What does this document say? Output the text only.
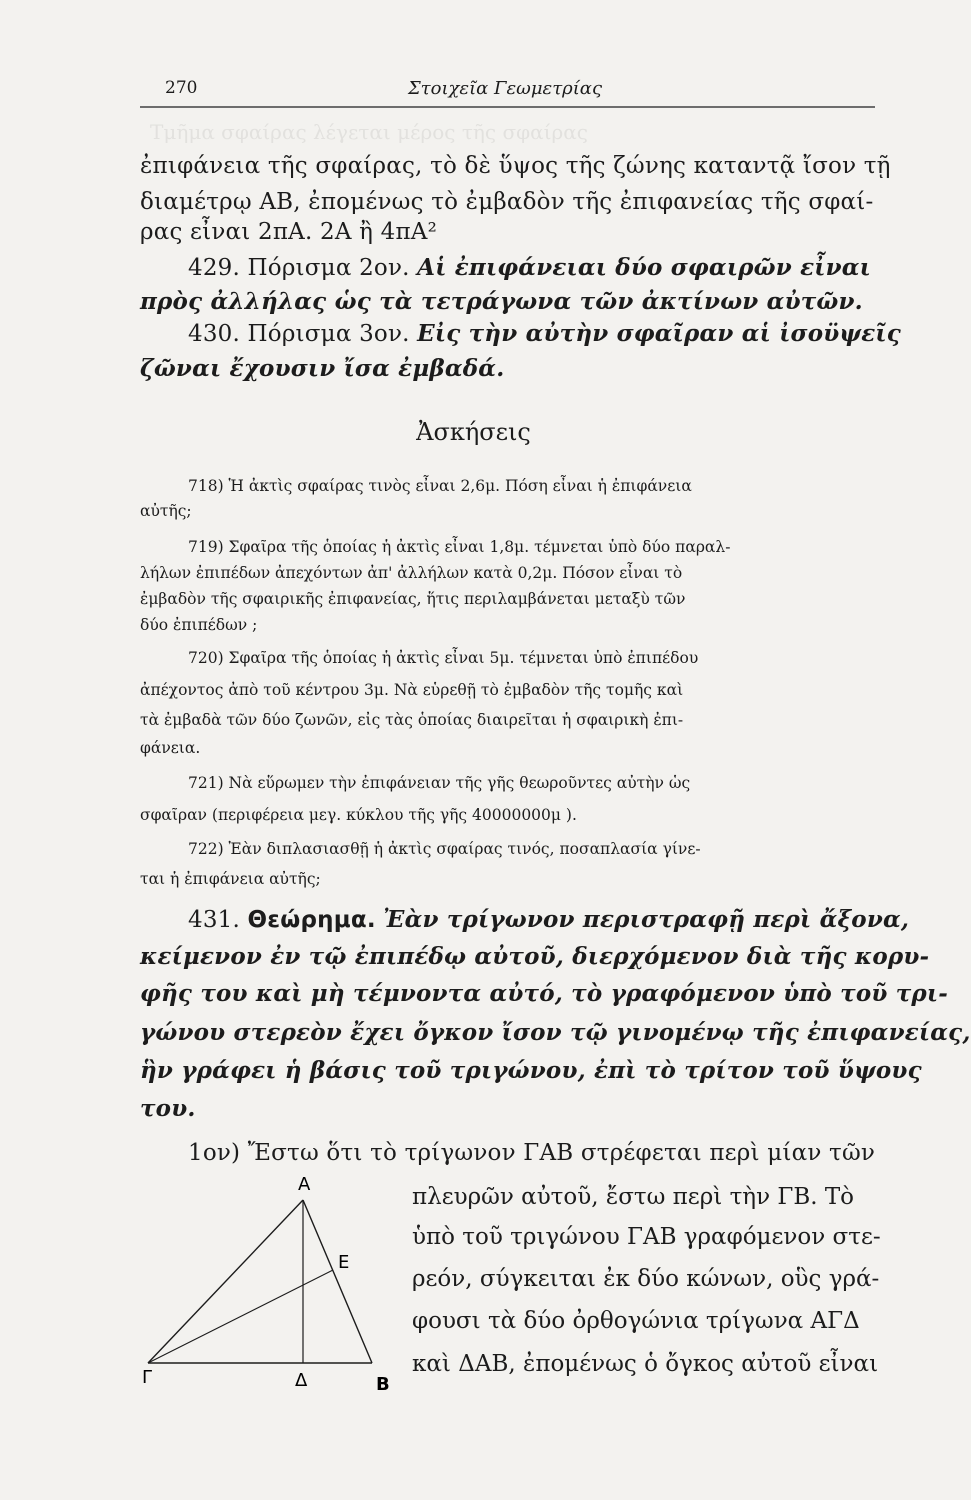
Τμῆμα σφαίρας λέγεται μέρος τῆς σφαίρας
270	Στοιχεῖα Γεωμετρίας
ἐπιφάνεια τῆς σφαίρας, τὸ δὲ ὕψος τῆς ζώνης καταντᾷ ἴσον τῇ
διαμέτρῳ ΑΒ, ἐπομένως τὸ ἐμβαδὸν τῆς ἐπιφανείας τῆς σφαί-
ρας εἶναι 2πΑ. 2Α ἢ 4πΑ²
429. Πόρισμα 2ον. Αἱ ἐπιφάνειαι δύο σφαιρῶν εἶναι
πρὸς ἀλλήλας ὡς τὰ τετράγωνα τῶν ἀκτίνων αὐτῶν.
430. Πόρισμα 3ον. Εἰς τὴν αὐτὴν σφαῖραν αἱ ἰσοϋψεῖς
ζῶναι ἔχουσιν ἴσα ἐμβαδά.
Ἀσκήσεις
718) Ἡ ἀκτὶς σφαίρας τινὸς εἶναι 2,6μ. Πόση εἶναι ἡ ἐπιφάνεια
αὐτῆς;
719) Σφαῖρα τῆς ὁποίας ἡ ἀκτὶς εἶναι 1,8μ. τέμνεται ὑπὸ δύο παραλ-
λήλων ἐπιπέδων ἀπεχόντων ἀπ' ἀλλήλων κατὰ 0,2μ. Πόσον εἶναι τὸ
ἐμβαδὸν τῆς σφαιρικῆς ἐπιφανείας, ἥτις περιλαμβάνεται μεταξὺ τῶν
δύο ἐπιπέδων ;
720) Σφαῖρα τῆς ὁποίας ἡ ἀκτὶς εἶναι 5μ. τέμνεται ὑπὸ ἐπιπέδου
ἀπέχοντος ἀπὸ τοῦ κέντρου 3μ. Νὰ εὑρεθῇ τὸ ἐμβαδὸν τῆς τομῆς καὶ
τὰ ἐμβαδὰ τῶν δύο ζωνῶν, εἰς τὰς ὁποίας διαιρεῖται ἡ σφαιρικὴ ἐπι-
φάνεια.
721) Νὰ εὕρωμεν τὴν ἐπιφάνειαν τῆς γῆς θεωροῦντες αὐτὴν ὡς
σφαῖραν (περιφέρεια μεγ. κύκλου τῆς γῆς 40000000μ ).
722) Ἐὰν διπλασιασθῇ ἡ ἀκτὶς σφαίρας τινός, ποσαπλασία γίνε-
ται ἡ ἐπιφάνεια αὐτῆς;
431. Θεώρημα. Ἐὰν τρίγωνον περιστραφῇ περὶ ἄξονα,
κείμενον ἐν τῷ ἐπιπέδῳ αὐτοῦ, διερχόμενον διὰ τῆς κορυ-
φῆς του καὶ μὴ τέμνοντα αὐτό, τὸ γραφόμενον ὑπὸ τοῦ τρι-
γώνου στερεὸν ἔχει ὄγκον ἴσον τῷ γινομένῳ τῆς ἐπιφανείας,
ἣν γράφει ἡ βάσις τοῦ τριγώνου, ἐπὶ τὸ τρίτον τοῦ ὕψους
του.
1ον) Ἔστω ὅτι τὸ τρίγωνον ΓΑΒ στρέφεται περὶ μίαν τῶν
πλευρῶν αὐτοῦ, ἔστω περὶ τὴν ΓΒ. Τὸ
ὑπὸ τοῦ τριγώνου ΓΑΒ γραφόμενον στε-
ρεόν, σύγκειται ἐκ δύο κώνων, οὓς γρά-
φουσι τὰ δύο ὀρθογώνια τρίγωνα ΑΓΔ
καὶ ΔΑΒ, ἐπομένως ὁ ὄγκος αὐτοῦ εἶναι
A
E
Γ	Δ	B
